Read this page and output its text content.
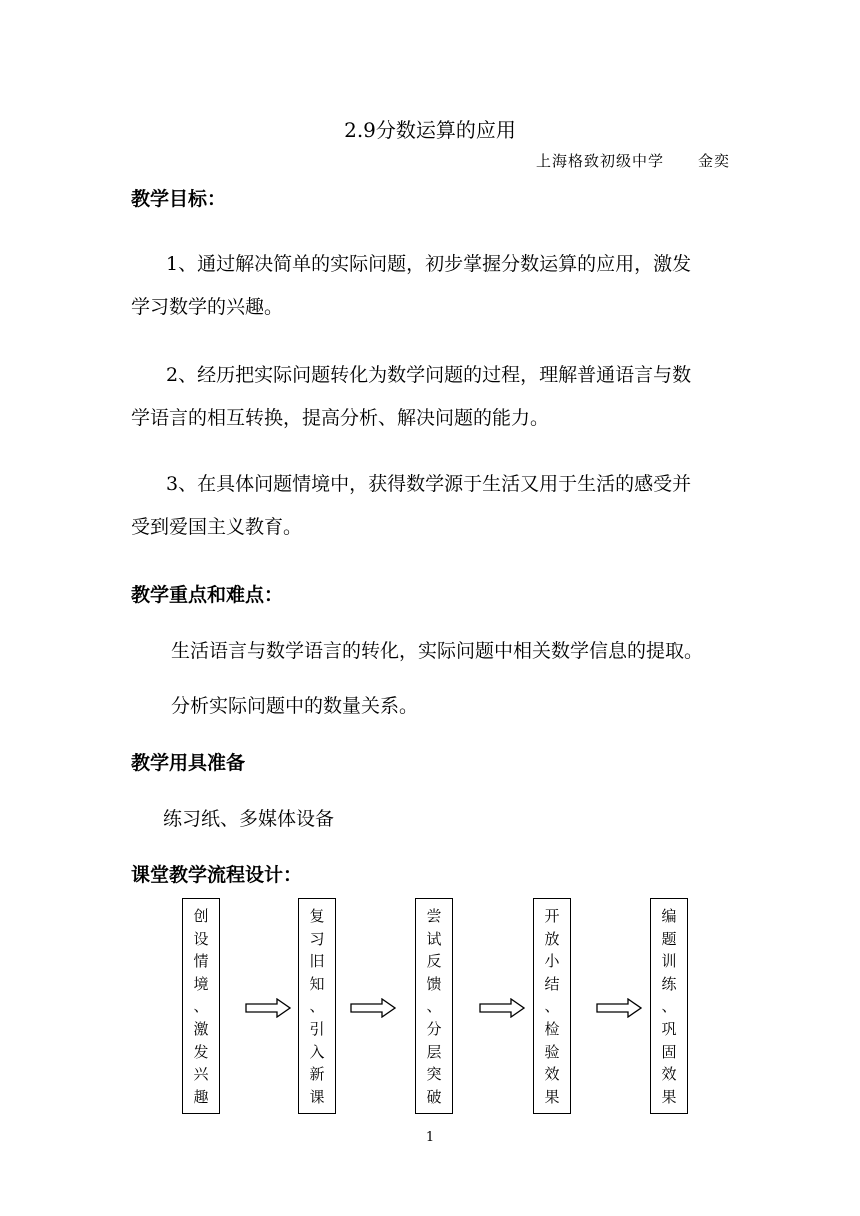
2.9分数运算的应用
上海格致初级中学 金奕
教学目标：
1、通过解决简单的实际问题，初步掌握分数运算的应用，激发
学习数学的兴趣。
2、经历把实际问题转化为数学问题的过程，理解普通语言与数
学语言的相互转换，提高分析、解决问题的能力。
3、在具体问题情境中，获得数学源于生活又用于生活的感受并
受到爱国主义教育。
教学重点和难点：
生活语言与数学语言的转化，实际问题中相关数学信息的提取。
分析实际问题中的数量关系。
教学用具准备
练习纸、多媒体设备
课堂教学流程设计：
创
设
情
境
、
激
发
兴
趣
复
习
旧
知
、
引
入
新
课
尝
试
反
馈
、
分
层
突
破
开
放
小
结
、
检
验
效
果
编
题
训
练
、
巩
固
效
果
1
